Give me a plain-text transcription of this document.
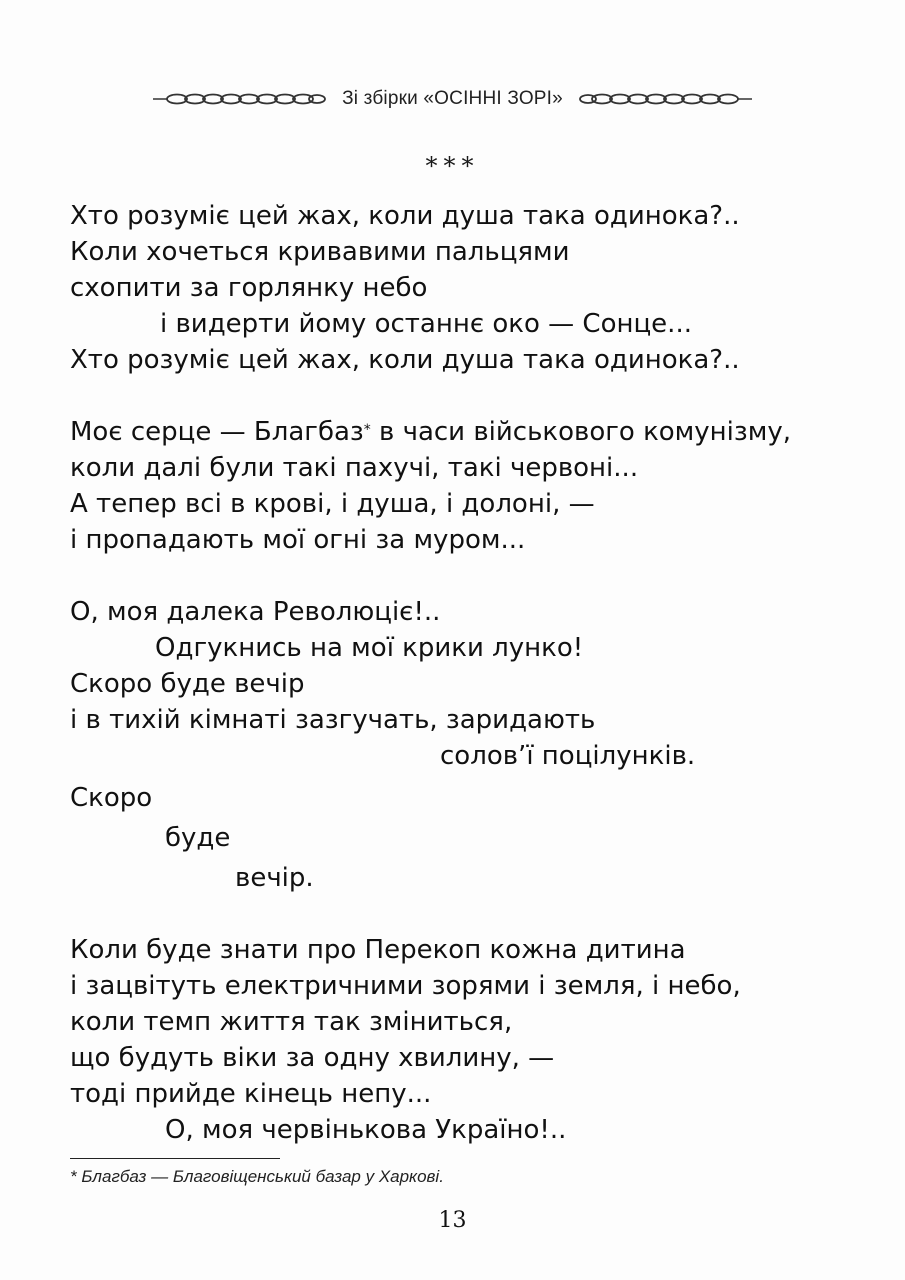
Зі збірки «ОСІННІ ЗОРІ»
***
Хто розуміє цей жах, коли душа така одинока?..
Коли хочеться кривавими пальцями
схопити за горлянку небо
і видерти йому останнє око — Сонце...
Хто розуміє цей жах, коли душа така одинока?..
Моє серце — Благбаз* в часи військового комунізму,
коли далі були такі пахучі, такі червоні...
А тепер всі в крові, і душа, і долоні, —
і пропадають мої огні за муром...
О, моя далека Революціє!..
Одгукнись на мої крики лунко!
Скоро буде вечір
і в тихій кімнаті зазгучать, заридають
солов’ї поцілунків.
Скоро
буде
вечір.
Коли буде знати про Перекоп кожна дитина
і зацвітуть електричними зорями і земля, і небо,
коли темп життя так зміниться,
що будуть віки за одну хвилину, —
тоді прийде кінець непу...
О, моя червінькова Україно!..
* Благбаз — Благовіщенський базар у Харкові.
13
